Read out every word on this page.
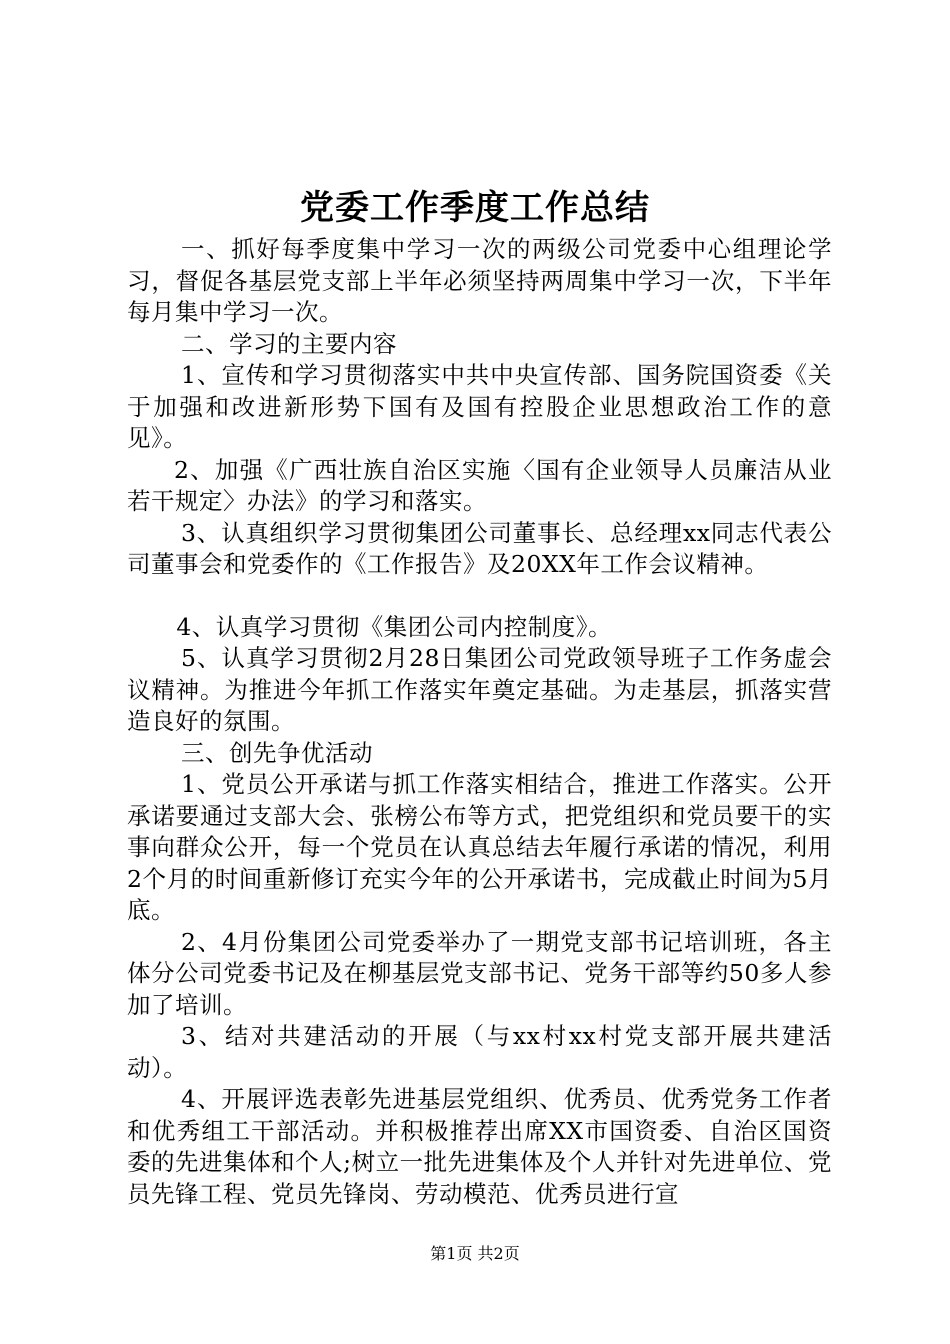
党委工作季度工作总结

一、抓好每季度集中学习一次的两级公司党委中心组理论学习，督促各基层党支部上半年必须坚持两周集中学习一次，下半年每月集中学习一次。

二、学习的主要内容

1、宣传和学习贯彻落实中共中央宣传部、国务院国资委《关于加强和改进新形势下国有及国有控股企业思想政治工作的意见》。

2、加强《广西壮族自治区实施〈国有企业领导人员廉洁从业若干规定〉办法》的学习和落实。

3、认真组织学习贯彻集团公司董事长、总经理xx同志代表公司董事会和党委作的《工作报告》及20XX年工作会议精神。

4、认真学习贯彻《集团公司内控制度》。

5、认真学习贯彻2月28日集团公司党政领导班子工作务虚会议精神。为推进今年抓工作落实年奠定基础。为走基层，抓落实营造良好的氛围。

三、创先争优活动

1、党员公开承诺与抓工作落实相结合，推进工作落实。公开承诺要通过支部大会、张榜公布等方式，把党组织和党员要干的实事向群众公开，每一个党员在认真总结去年履行承诺的情况，利用2个月的时间重新修订充实今年的公开承诺书，完成截止时间为5月底。

2、4月份集团公司党委举办了一期党支部书记培训班，各主体分公司党委书记及在柳基层党支部书记、党务干部等约50多人参加了培训。

3、结对共建活动的开展（与xx村xx村党支部开展共建活动）。

4、开展评选表彰先进基层党组织、优秀员、优秀党务工作者和优秀组工干部活动。并积极推荐出席XX市国资委、自治区国资委的先进集体和个人;树立一批先进集体及个人并针对先进单位、党员先锋工程、党员先锋岗、劳动模范、优秀员进行宣

第1页 共2页
